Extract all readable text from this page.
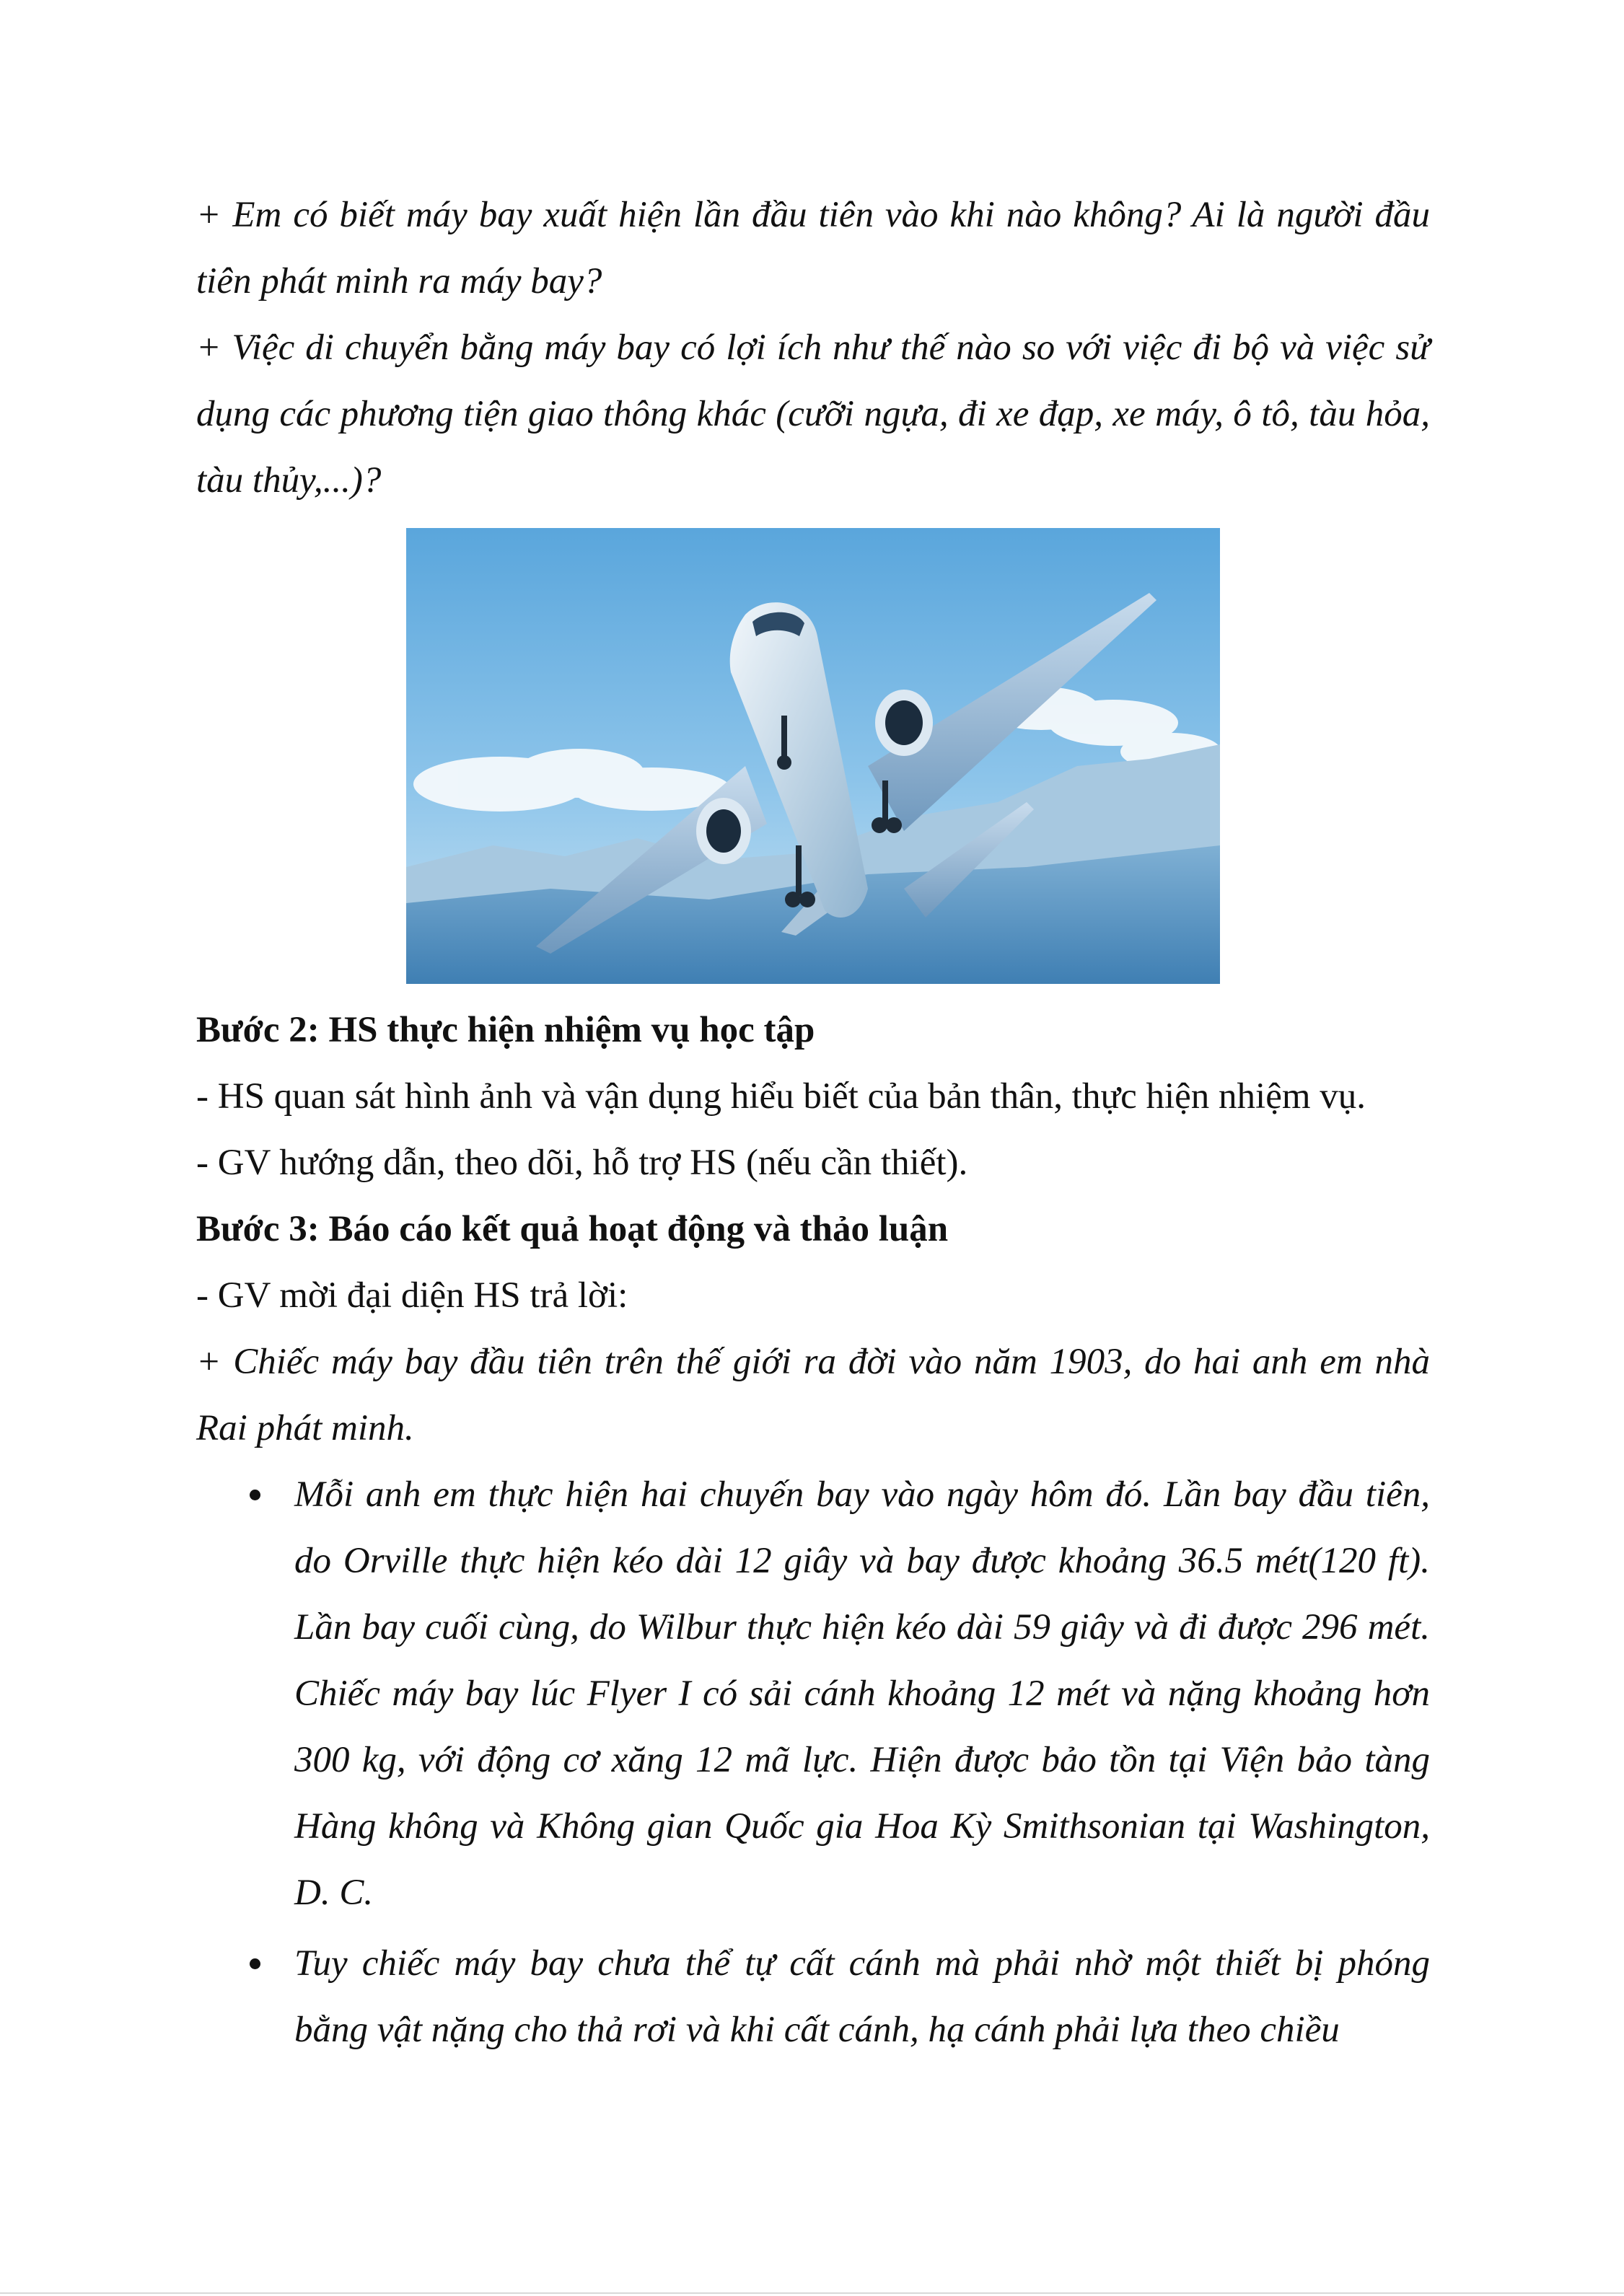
+ Em có biết máy bay xuất hiện lần đầu tiên vào khi nào không? Ai là người đầu tiên phát minh ra máy bay?

+ Việc di chuyển bằng máy bay có lợi ích như thế nào so với việc đi bộ và việc sử dụng các phương tiện giao thông khác (cưỡi ngựa, đi xe đạp, xe máy, ô tô, tàu hỏa, tàu thủy,...)?

Bước 2: HS thực hiện nhiệm vụ học tập

- HS quan sát hình ảnh và vận dụng hiểu biết của bản thân, thực hiện nhiệm vụ.

- GV hướng dẫn, theo dõi, hỗ trợ HS (nếu cần thiết).

Bước 3: Báo cáo kết quả hoạt động và thảo luận

- GV mời đại diện HS trả lời:

+ Chiếc máy bay đầu tiên trên thế giới ra đời vào năm 1903, do hai anh em nhà Rai phát minh.

Mỗi anh em thực hiện hai chuyến bay vào ngày hôm đó. Lần bay đầu tiên, do Orville thực hiện kéo dài 12 giây và bay được khoảng 36.5 mét(120 ft). Lần bay cuối cùng, do Wilbur thực hiện kéo dài 59 giây và đi được 296 mét. Chiếc máy bay lúc Flyer I có sải cánh khoảng 12 mét và nặng khoảng hơn 300 kg, với động cơ xăng 12 mã lực. Hiện được bảo tồn tại Viện bảo tàng Hàng không và Không gian Quốc gia Hoa Kỳ Smithsonian tại Washington, D. C.
Tuy chiếc máy bay chưa thể tự cất cánh mà phải nhờ một thiết bị phóng bằng vật nặng cho thả rơi và khi cất cánh, hạ cánh phải lựa theo chiều
